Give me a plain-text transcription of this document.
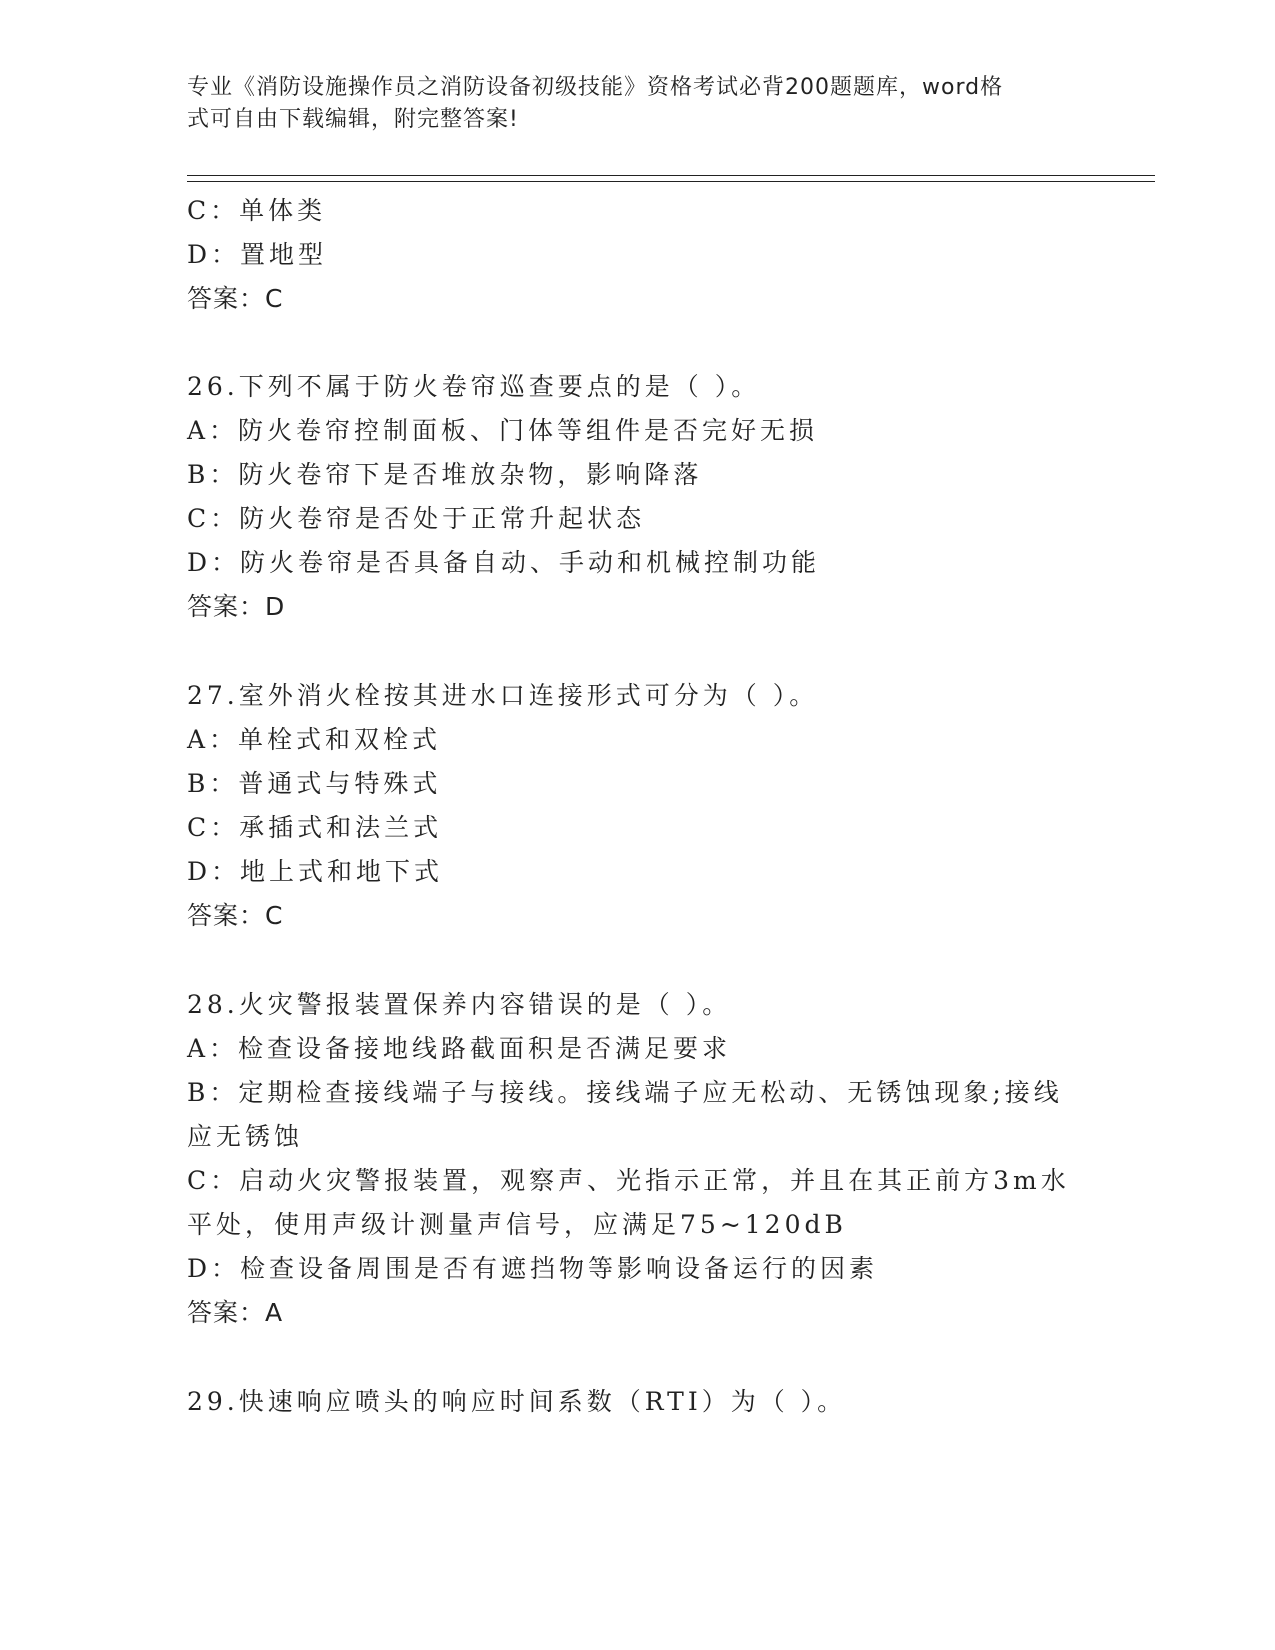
专业《消防设施操作员之消防设备初级技能》资格考试必背200题题库，word格
式可自由下载编辑，附完整答案!
C：单体类
D：置地型
答案：C
26.下列不属于防火卷帘巡查要点的是（ ）。
A：防火卷帘控制面板、门体等组件是否完好无损
B：防火卷帘下是否堆放杂物，影响降落
C：防火卷帘是否处于正常升起状态
D：防火卷帘是否具备自动、手动和机械控制功能
答案：D
27.室外消火栓按其进水口连接形式可分为（ ）。
A：单栓式和双栓式
B：普通式与特殊式
C：承插式和法兰式
D：地上式和地下式
答案：C
28.火灾警报装置保养内容错误的是（ ）。
A：检查设备接地线路截面积是否满足要求
B：定期检查接线端子与接线。接线端子应无松动、无锈蚀现象;接线
应无锈蚀
C：启动火灾警报装置，观察声、光指示正常，并且在其正前方3m水
平处，使用声级计测量声信号，应满足75~120dB
D：检查设备周围是否有遮挡物等影响设备运行的因素
答案：A
29.快速响应喷头的响应时间系数（RTI）为（ ）。
